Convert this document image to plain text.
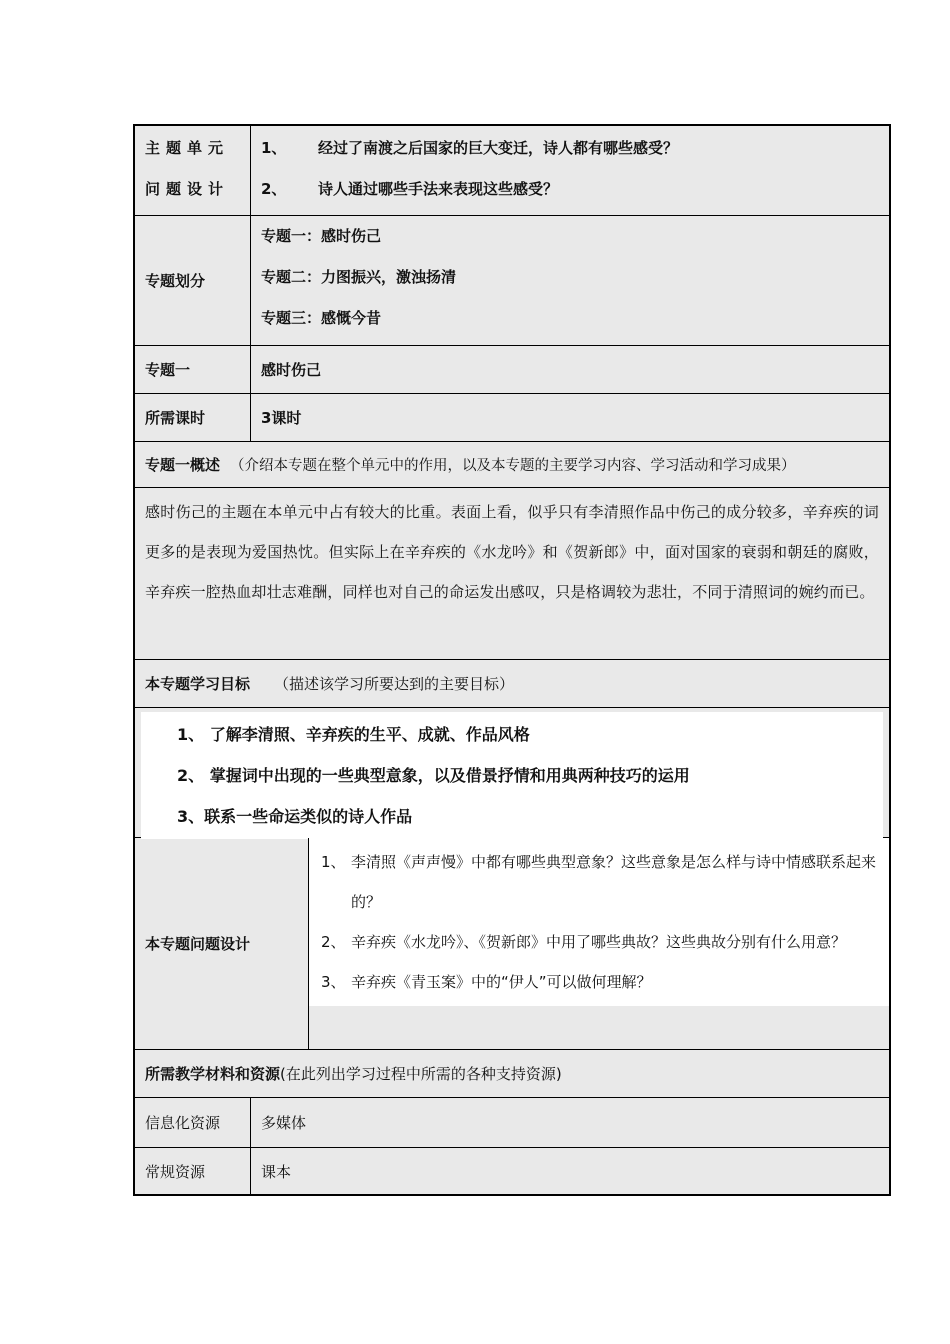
主题单元问题设计
1、	经过了南渡之后国家的巨大变迁，诗人都有哪些感受？
2、	诗人通过哪些手法来表现这些感受？
专题划分
专题一：感时伤己
专题二：力图振兴，激浊扬清
专题三：感慨今昔
专题一	感时伤己
所需课时	3课时
专题一概述 （介绍本专题在整个单元中的作用，以及本专题的主要学习内容、学习活动和学习成果）
感时伤己的主题在本单元中占有较大的比重。表面上看，似乎只有李清照作品中伤己的成分较多，辛弃疾的词更多的是表现为爱国热忱。但实际上在辛弃疾的《水龙吟》和《贺新郎》中，面对国家的衰弱和朝廷的腐败，辛弃疾一腔热血却壮志难酬，同样也对自己的命运发出感叹，只是格调较为悲壮，不同于清照词的婉约而已。
本专题学习目标 （描述该学习所要达到的主要目标）
1、 了解李清照、辛弃疾的生平、成就、作品风格
2、 掌握词中出现的一些典型意象，以及借景抒情和用典两种技巧的运用
3、联系一些命运类似的诗人作品
本专题问题设计
1、 李清照《声声慢》中都有哪些典型意象？这些意象是怎么样与诗中情感联系起来的？
2、 辛弃疾《水龙吟》、《贺新郎》中用了哪些典故？这些典故分别有什么用意？
3、 辛弃疾《青玉案》中的“伊人”可以做何理解？
所需教学材料和资源 (在此列出学习过程中所需的各种支持资源)
信息化资源	多媒体
常规资源	课本
